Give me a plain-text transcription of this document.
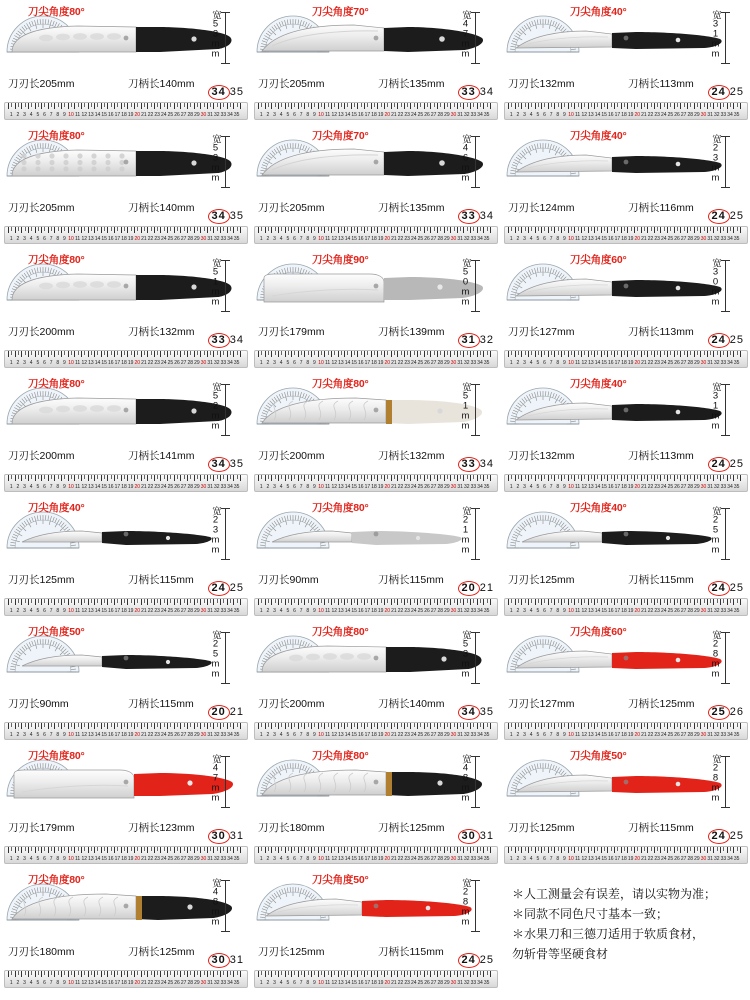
刀尖角度80°	宽53mm
刀刃长205mm	刀柄长140mm
34 35
1 2 3 4 5 6 7 8 9 10 11 12 13 14 15 16 17 18 19 20 21 22 23 24 25 26 27 28 29 30 31 32 33 34 35
刀尖角度70°	宽47mm
刀刃长205mm	刀柄长135mm
33 34
1 2 3 4 5 6 7 8 9 10 11 12 13 14 15 16 17 18 19 20 21 22 23 24 25 26 27 28 29 30 31 32 33 34 35
刀尖角度40°	宽31mm
刀刃长132mm	刀柄长113mm
24 25
1 2 3 4 5 6 7 8 9 10 11 12 13 14 15 16 17 18 19 20 21 22 23 24 25 26 27 28 29 30 31 32 33 34 35
刀尖角度80°	宽53mm
刀刃长205mm	刀柄长140mm
34 35
1 2 3 4 5 6 7 8 9 10 11 12 13 14 15 16 17 18 19 20 21 22 23 24 25 26 27 28 29 30 31 32 33 34 35
刀尖角度70°	宽46mm
刀刃长205mm	刀柄长135mm
33 34
1 2 3 4 5 6 7 8 9 10 11 12 13 14 15 16 17 18 19 20 21 22 23 24 25 26 27 28 29 30 31 32 33 34 35
刀尖角度40°	宽23mm
刀刃长124mm	刀柄长116mm
24 25
1 2 3 4 5 6 7 8 9 10 11 12 13 14 15 16 17 18 19 20 21 22 23 24 25 26 27 28 29 30 31 32 33 34 35
刀尖角度80°	宽51mm
刀刃长200mm	刀柄长132mm
33 34
1 2 3 4 5 6 7 8 9 10 11 12 13 14 15 16 17 18 19 20 21 22 23 24 25 26 27 28 29 30 31 32 33 34 35
刀尖角度90°	宽50mm
刀刃长179mm	刀柄长139mm
31 32
1 2 3 4 5 6 7 8 9 10 11 12 13 14 15 16 17 18 19 20 21 22 23 24 25 26 27 28 29 30 31 32 33 34 35
刀尖角度60°	宽30mm
刀刃长127mm	刀柄长113mm
24 25
1 2 3 4 5 6 7 8 9 10 11 12 13 14 15 16 17 18 19 20 21 22 23 24 25 26 27 28 29 30 31 32 33 34 35
刀尖角度80°	宽52mm
刀刃长200mm	刀柄长141mm
34 35
1 2 3 4 5 6 7 8 9 10 11 12 13 14 15 16 17 18 19 20 21 22 23 24 25 26 27 28 29 30 31 32 33 34 35
刀尖角度80°	宽51mm
刀刃长200mm	刀柄长132mm
33 34
1 2 3 4 5 6 7 8 9 10 11 12 13 14 15 16 17 18 19 20 21 22 23 24 25 26 27 28 29 30 31 32 33 34 35
刀尖角度40°	宽31mm
刀刃长132mm	刀柄长113mm
24 25
1 2 3 4 5 6 7 8 9 10 11 12 13 14 15 16 17 18 19 20 21 22 23 24 25 26 27 28 29 30 31 32 33 34 35
刀尖角度40°	宽23mm
刀刃长125mm	刀柄长115mm
24 25
1 2 3 4 5 6 7 8 9 10 11 12 13 14 15 16 17 18 19 20 21 22 23 24 25 26 27 28 29 30 31 32 33 34 35
刀尖角度80°	宽21mm
刀刃长90mm	刀柄长115mm
20 21
1 2 3 4 5 6 7 8 9 10 11 12 13 14 15 16 17 18 19 20 21 22 23 24 25 26 27 28 29 30 31 32 33 34 35
刀尖角度40°	宽25mm
刀刃长125mm	刀柄长115mm
24 25
1 2 3 4 5 6 7 8 9 10 11 12 13 14 15 16 17 18 19 20 21 22 23 24 25 26 27 28 29 30 31 32 33 34 35
刀尖角度50°	宽25mm
刀刃长90mm	刀柄长115mm
20 21
1 2 3 4 5 6 7 8 9 10 11 12 13 14 15 16 17 18 19 20 21 22 23 24 25 26 27 28 29 30 31 32 33 34 35
刀尖角度80°	宽53mm
刀刃长200mm	刀柄长140mm
34 35
1 2 3 4 5 6 7 8 9 10 11 12 13 14 15 16 17 18 19 20 21 22 23 24 25 26 27 28 29 30 31 32 33 34 35
刀尖角度60°	宽28mm
刀刃长127mm	刀柄长125mm
25 26
1 2 3 4 5 6 7 8 9 10 11 12 13 14 15 16 17 18 19 20 21 22 23 24 25 26 27 28 29 30 31 32 33 34 35
刀尖角度80°	宽47mm
刀刃长179mm	刀柄长123mm
30 31
1 2 3 4 5 6 7 8 9 10 11 12 13 14 15 16 17 18 19 20 21 22 23 24 25 26 27 28 29 30 31 32 33 34 35
刀尖角度80°	宽48mm
刀刃长180mm	刀柄长125mm
30 31
1 2 3 4 5 6 7 8 9 10 11 12 13 14 15 16 17 18 19 20 21 22 23 24 25 26 27 28 29 30 31 32 33 34 35
刀尖角度50°	宽28mm
刀刃长125mm	刀柄长115mm
24 25
1 2 3 4 5 6 7 8 9 10 11 12 13 14 15 16 17 18 19 20 21 22 23 24 25 26 27 28 29 30 31 32 33 34 35
刀尖角度80°	宽48mm
刀刃长180mm	刀柄长125mm
30 31
1 2 3 4 5 6 7 8 9 10 11 12 13 14 15 16 17 18 19 20 21 22 23 24 25 26 27 28 29 30 31 32 33 34 35
刀尖角度50°	宽28mm
刀刃长125mm	刀柄长115mm
24 25
1 2 3 4 5 6 7 8 9 10 11 12 13 14 15 16 17 18 19 20 21 22 23 24 25 26 27 28 29 30 31 32 33 34 35
＊人工测量会有误差，请以实物为准；
＊同款不同色尺寸基本一致；
＊水果刀和三德刀适用于软质食材，
勿斩骨等坚硬食材
